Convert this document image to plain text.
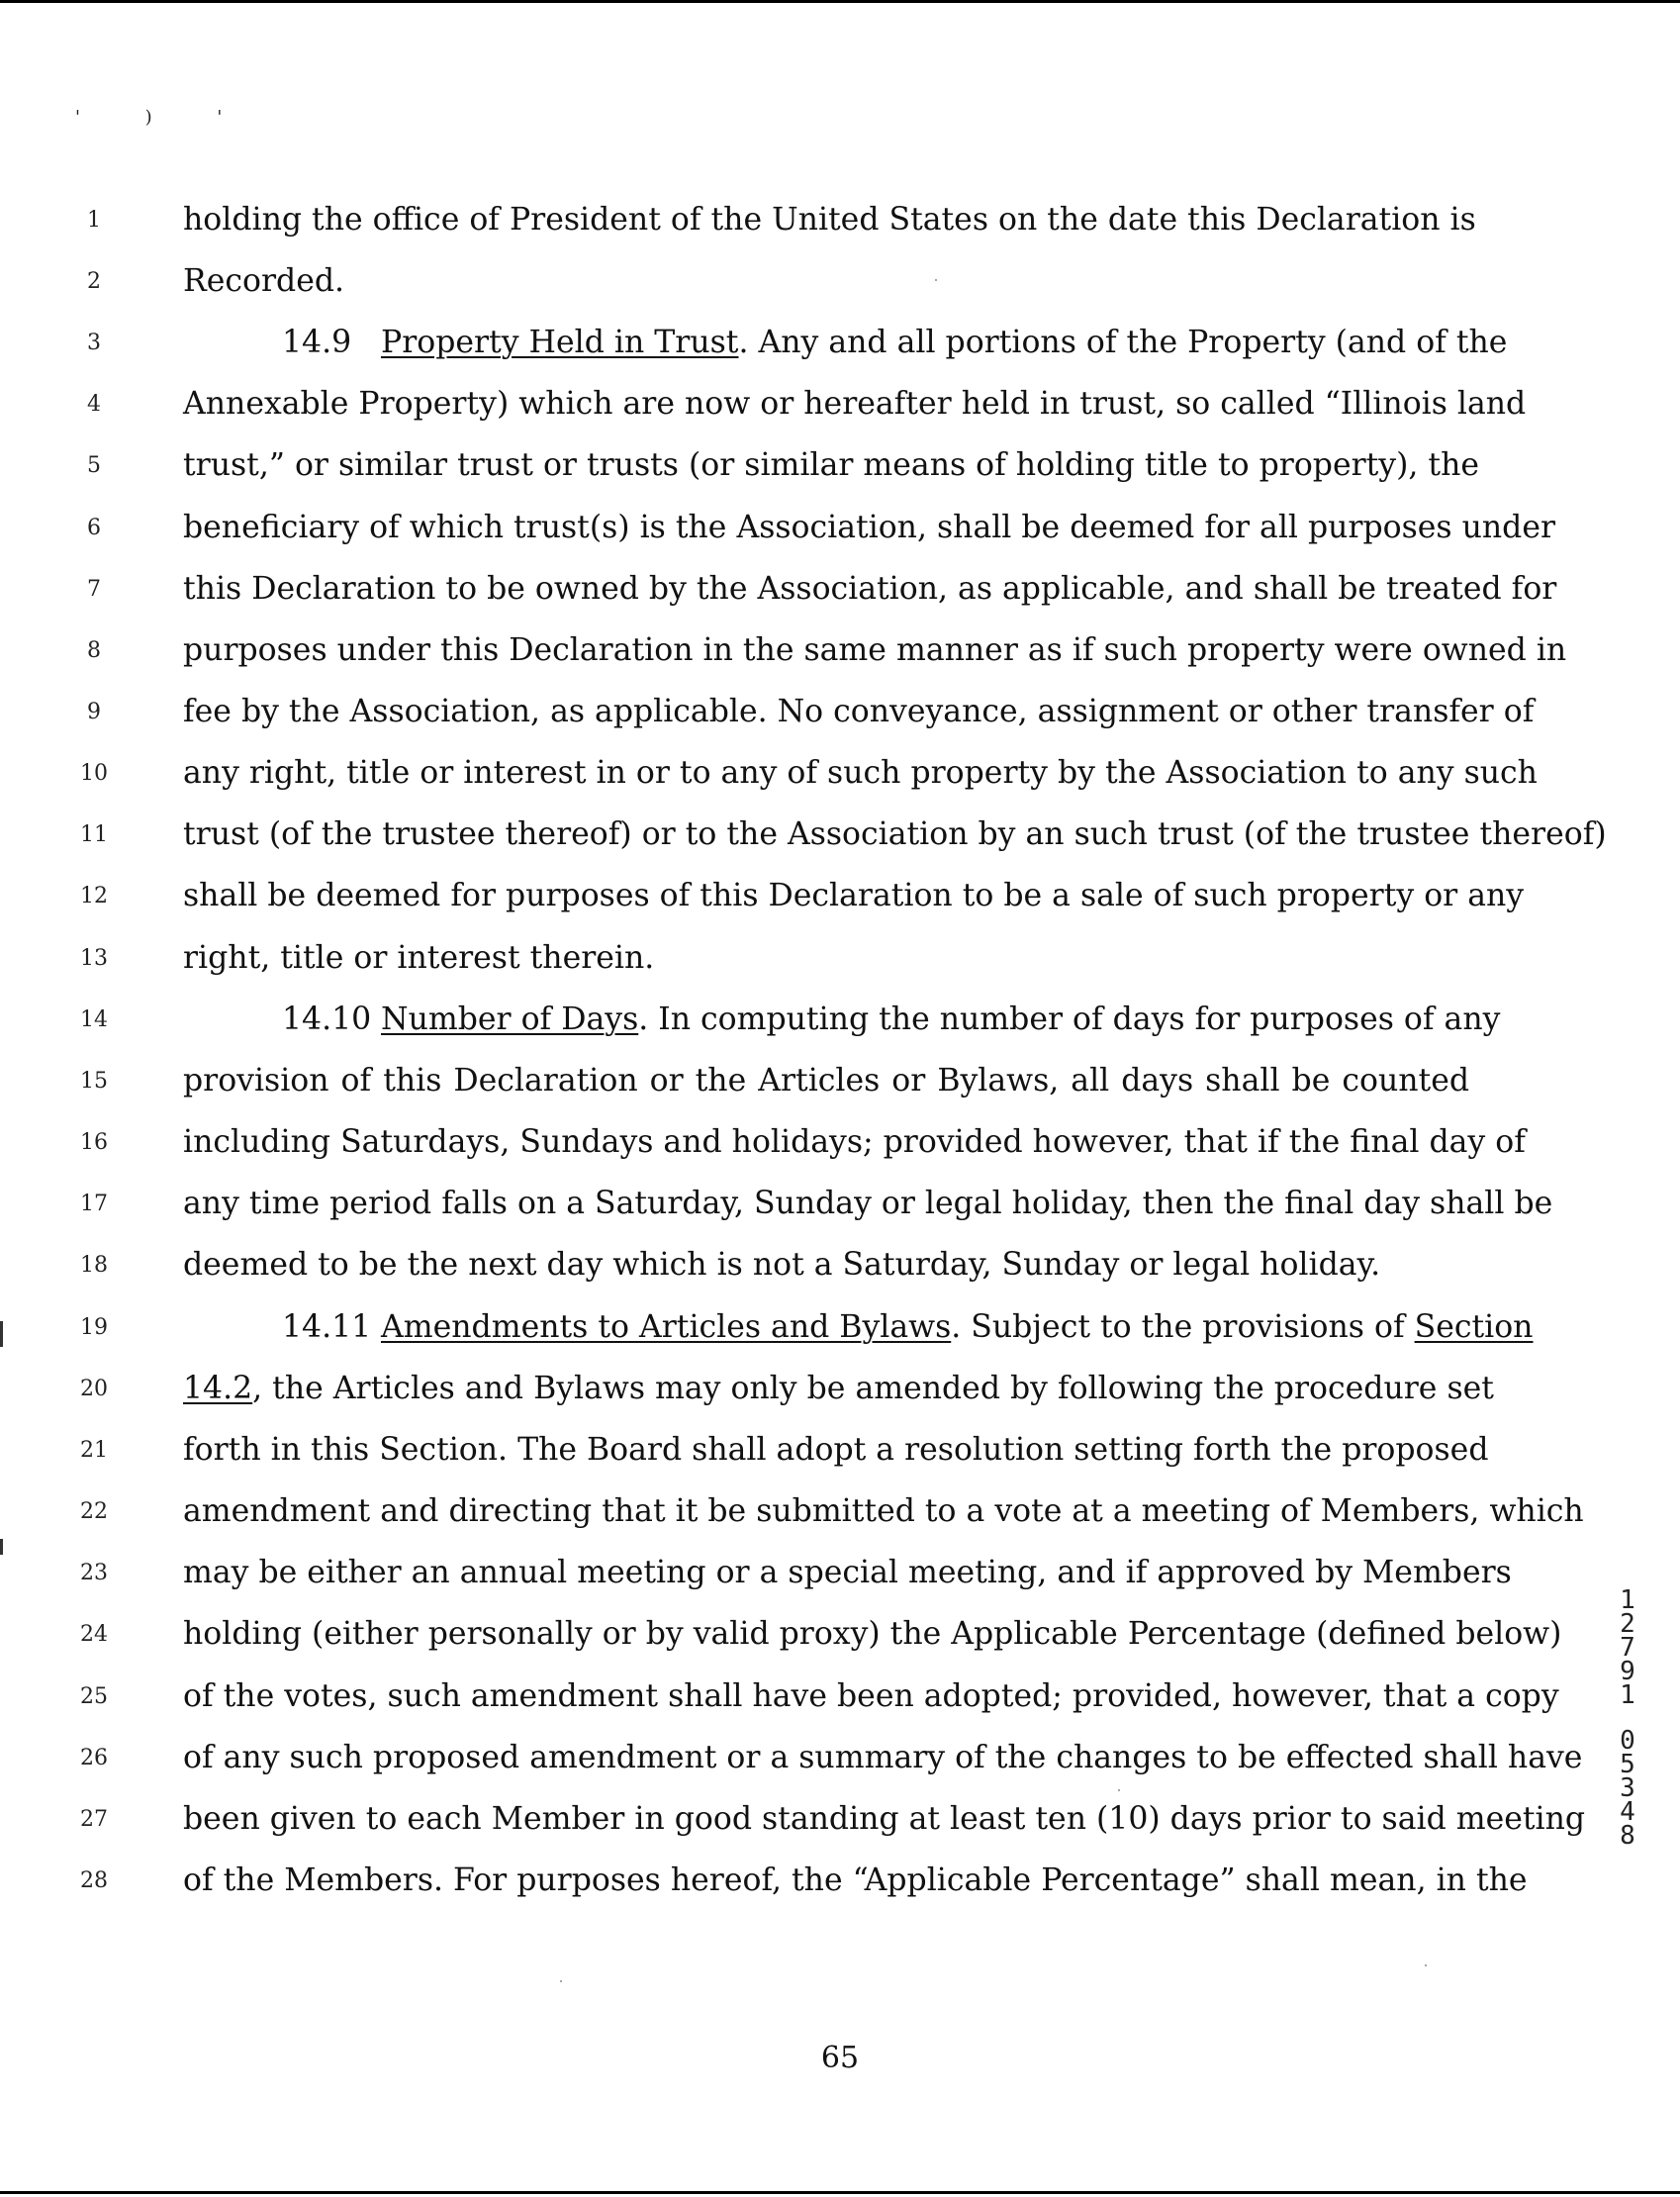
' ) '
1
2
3
4
5
6
7
8
9
10
11
12
13
14
15
16
17
18
19
20
21
22
23
24
25
26
27
28
holding the office of President of the United States on the date this Declaration is
Recorded.
14.9 Property Held in Trust. Any and all portions of the Property (and of the
Annexable Property) which are now or hereafter held in trust, so called “Illinois land
trust,” or similar trust or trusts (or similar means of holding title to property), the
beneficiary of which trust(s) is the Association, shall be deemed for all purposes under
this Declaration to be owned by the Association, as applicable, and shall be treated for
purposes under this Declaration in the same manner as if such property were owned in
fee by the Association, as applicable. No conveyance, assignment or other transfer of
any right, title or interest in or to any of such property by the Association to any such
trust (of the trustee thereof) or to the Association by an such trust (of the trustee thereof)
shall be deemed for purposes of this Declaration to be a sale of such property or any
right, title or interest therein.
14.10 Number of Days. In computing the number of days for purposes of any
provision of this Declaration or the Articles or Bylaws, all days shall be counted
including Saturdays, Sundays and holidays; provided however, that if the final day of
any time period falls on a Saturday, Sunday or legal holiday, then the final day shall be
deemed to be the next day which is not a Saturday, Sunday or legal holiday.
14.11 Amendments to Articles and Bylaws. Subject to the provisions of Section
14.2, the Articles and Bylaws may only be amended by following the procedure set
forth in this Section. The Board shall adopt a resolution setting forth the proposed
amendment and directing that it be submitted to a vote at a meeting of Members, which
may be either an annual meeting or a special meeting, and if approved by Members
holding (either personally or by valid proxy) the Applicable Percentage (defined below)
of the votes, such amendment shall have been adopted; provided, however, that a copy
of any such proposed amendment or a summary of the changes to be effected shall have
been given to each Member in good standing at least ten (10) days prior to said meeting
of the Members. For purposes hereof, the “Applicable Percentage” shall mean, in the
65
1
2
7
9
1
0
5
3
4
8
